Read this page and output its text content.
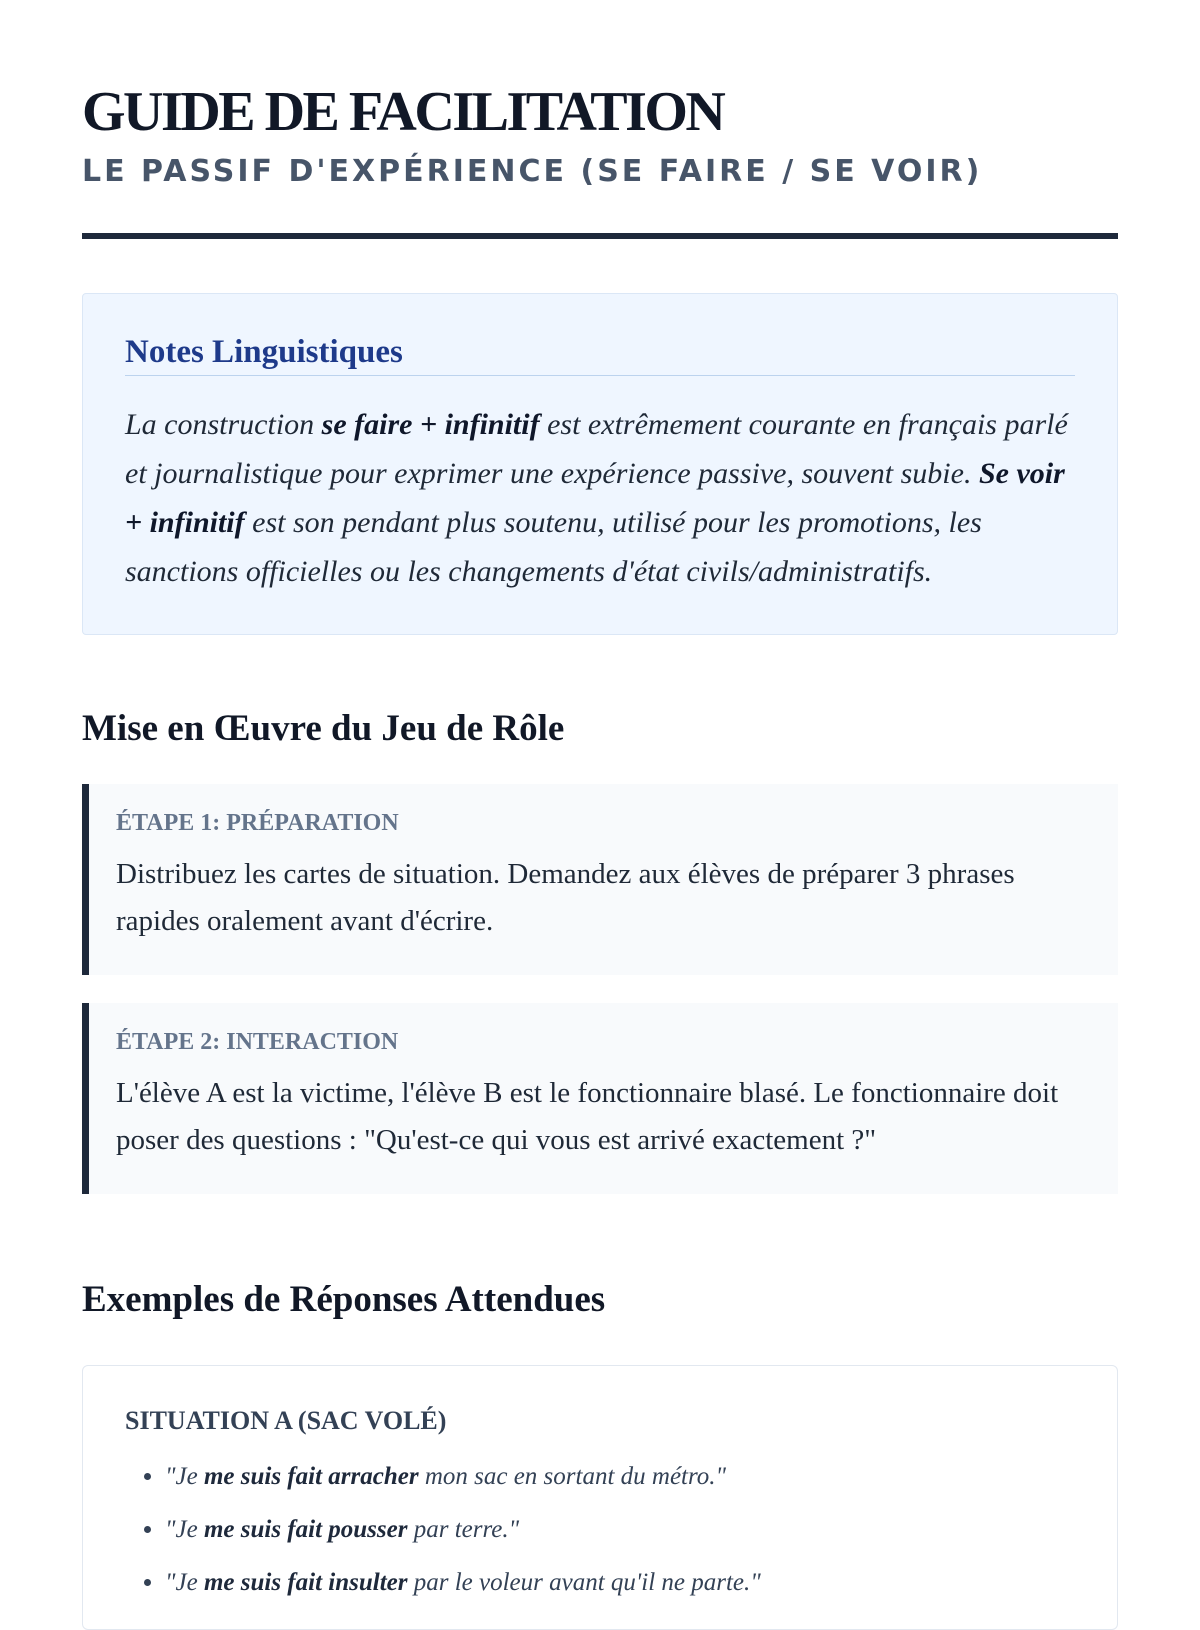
GUIDE DE FACILITATION
LE PASSIF D'EXPÉRIENCE (SE FAIRE / SE VOIR)
Notes Linguistiques

La construction se faire + infinitif est extrêmement courante en français parlé et journalistique pour exprimer une expérience passive, souvent subie. Se voir + infinitif est son pendant plus soutenu, utilisé pour les promotions, les sanctions officielles ou les changements d'état civils/administratifs.

Mise en Œuvre du Jeu de Rôle
ÉTAPE 1: PRÉPARATION

Distribuez les cartes de situation. Demandez aux élèves de préparer 3 phrases rapides oralement avant d'écrire.

ÉTAPE 2: INTERACTION

L'élève A est la victime, l'élève B est le fonctionnaire blasé. Le fonctionnaire doit poser des questions : "Qu'est-ce qui vous est arrivé exactement ?"

Exemples de Réponses Attendues
SITUATION A (SAC VOLÉ)
• "Je me suis fait arracher mon sac en sortant du métro."
• "Je me suis fait pousser par terre."
• "Je me suis fait insulter par le voleur avant qu'il ne parte."
